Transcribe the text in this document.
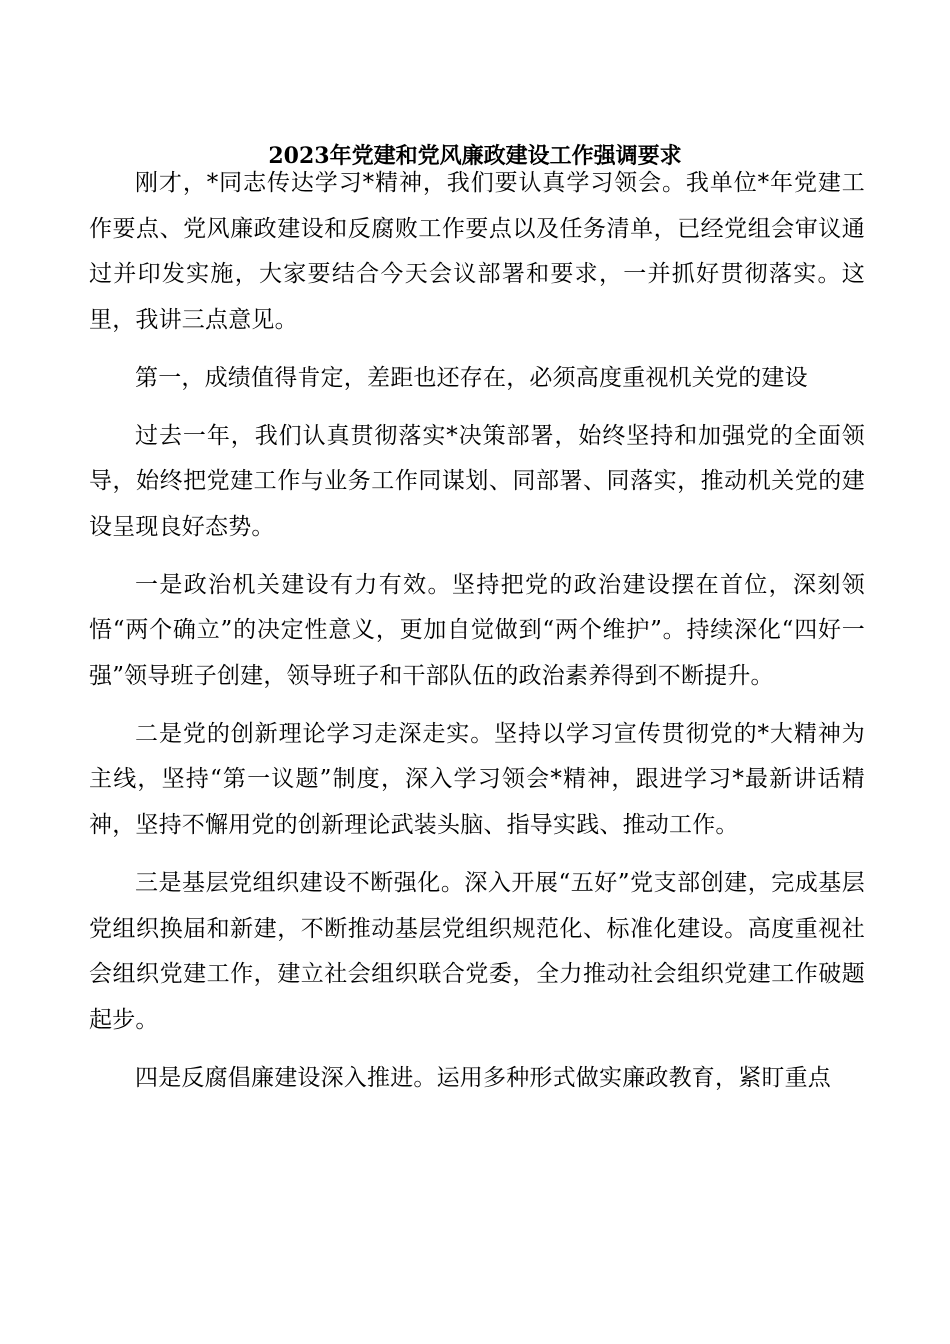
2023年党建和党风廉政建设工作强调要求

刚才，*同志传达学习*精神，我们要认真学习领会。我单位*年党建工作要点、党风廉政建设和反腐败工作要点以及任务清单，已经党组会审议通过并印发实施，大家要结合今天会议部署和要求，一并抓好贯彻落实。这里，我讲三点意见。

第一，成绩值得肯定，差距也还存在，必须高度重视机关党的建设

过去一年，我们认真贯彻落实*决策部署，始终坚持和加强党的全面领导，始终把党建工作与业务工作同谋划、同部署、同落实，推动机关党的建设呈现良好态势。

一是政治机关建设有力有效。坚持把党的政治建设摆在首位，深刻领悟“两个确立”的决定性意义，更加自觉做到“两个维护”。持续深化“四好一强”领导班子创建，领导班子和干部队伍的政治素养得到不断提升。

二是党的创新理论学习走深走实。坚持以学习宣传贯彻党的*大精神为主线，坚持“第一议题”制度，深入学习领会*精神，跟进学习*最新讲话精神，坚持不懈用党的创新理论武装头脑、指导实践、推动工作。

三是基层党组织建设不断强化。深入开展“五好”党支部创建，完成基层党组织换届和新建，不断推动基层党组织规范化、标准化建设。高度重视社会组织党建工作，建立社会组织联合党委，全力推动社会组织党建工作破题起步。

四是反腐倡廉建设深入推进。运用多种形式做实廉政教育，紧盯重点
